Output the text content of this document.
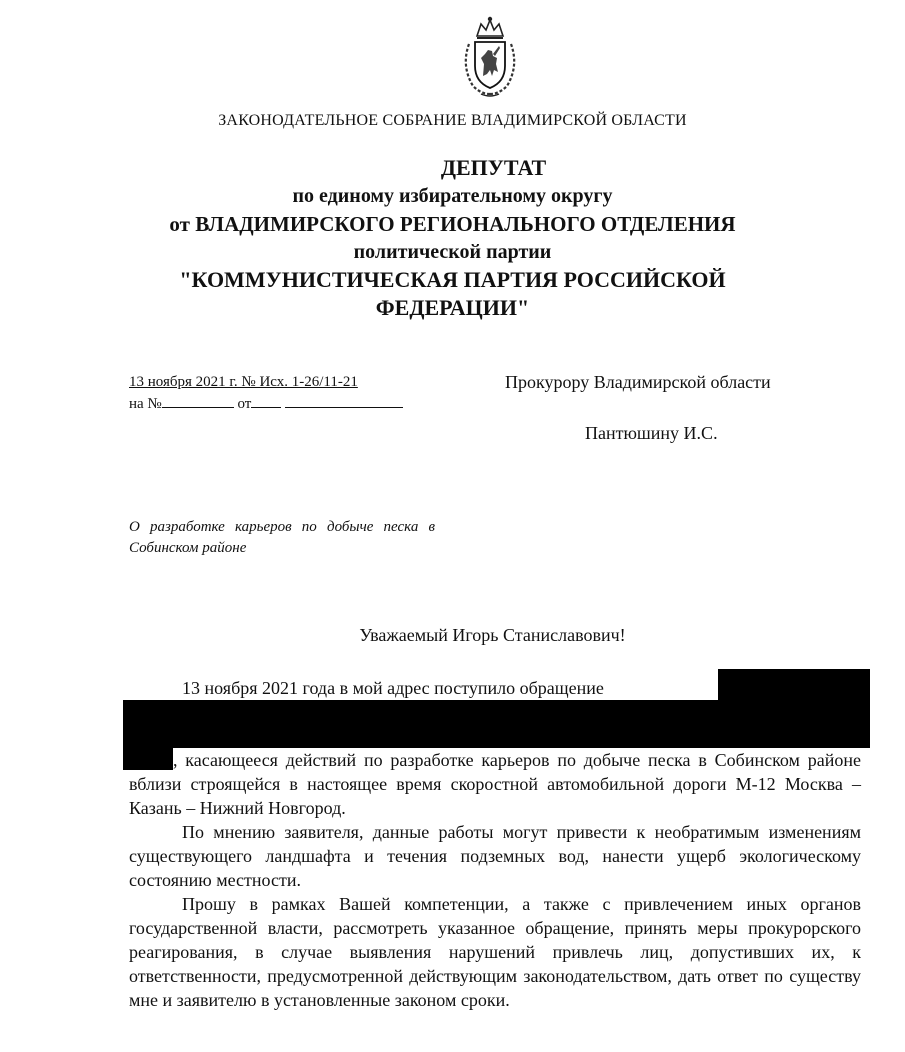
ЗАКОНОДАТЕЛЬНОЕ СОБРАНИЕ ВЛАДИМИРСКОЙ ОБЛАСТИ
ДЕПУТАТ
по единому избирательному округу
от ВЛАДИМИРСКОГО РЕГИОНАЛЬНОГО ОТДЕЛЕНИЯ
политической партии
"КОММУНИСТИЧЕСКАЯ ПАРТИЯ РОССИЙСКОЙ
ФЕДЕРАЦИИ"
13 ноября 2021 г. № Исх. 1-26/11-21
на №	от
Прокурору Владимирской области
Пантюшину И.С.
О разработке карьеров по добыче песка в Собинском районе
Уважаемый Игорь Станиславович!

13 ноября 2021 года в мой адрес поступило обращение

, касающееся действий по разработке карьеров по добыче песка в Собинском районе вблизи строящейся в настоящее время скоростной автомобильной дороги М-12 Москва – Казань – Нижний Новгород.

По мнению заявителя, данные работы могут привести к необратимым изменениям существующего ландшафта и течения подземных вод, нанести ущерб экологическому состоянию местности.

Прошу в рамках Вашей компетенции, а также с привлечением иных органов государственной власти, рассмотреть указанное обращение, принять меры прокурорского реагирования, в случае выявления нарушений привлечь лиц, допустивших их, к ответственности, предусмотренной действующим законодательством, дать ответ по существу мне и заявителю в установленные законом сроки.
